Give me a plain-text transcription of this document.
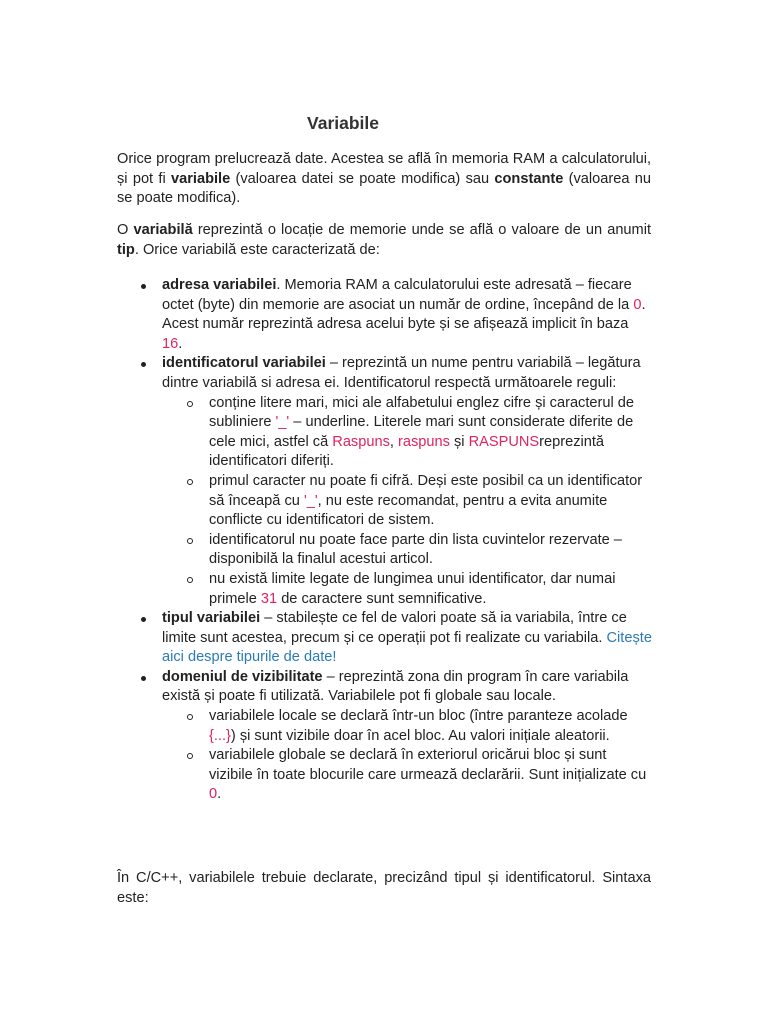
Variabile
Orice program prelucrează date. Acestea se află în memoria RAM a calculatorului, și pot fi variabile (valoarea datei se poate modifica) sau constante (valoarea nu se poate modifica).
O variabilă reprezintă o locație de memorie unde se află o valoare de un anumit tip. Orice variabilă este caracterizată de:
adresa variabilei. Memoria RAM a calculatorului este adresată – fiecare octet (byte) din memorie are asociat un număr de ordine, începând de la 0. Acest număr reprezintă adresa acelui byte și se afișează implicit în baza 16.
identificatorul variabilei – reprezintă un nume pentru variabilă – legătura dintre variabilă si adresa ei. Identificatorul respectă următoarele reguli:
conține litere mari, mici ale alfabetului englez cifre și caracterul de subliniere '_' – underline. Literele mari sunt considerate diferite de cele mici, astfel că Raspuns, raspuns și RASPUNSreprezintă identificatori diferiți.
primul caracter nu poate fi cifră. Deși este posibil ca un identificator să înceapă cu '_', nu este recomandat, pentru a evita anumite conflicte cu identificatori de sistem.
identificatorul nu poate face parte din lista cuvintelor rezervate – disponibilă la finalul acestui articol.
nu există limite legate de lungimea unui identificator, dar numai primele 31 de caractere sunt semnificative.
tipul variabilei – stabilește ce fel de valori poate să ia variabila, între ce limite sunt acestea, precum și ce operații pot fi realizate cu variabila. Citește aici despre tipurile de date!
domeniul de vizibilitate – reprezintă zona din program în care variabila există și poate fi utilizată. Variabilele pot fi globale sau locale.
variabilele locale se declară într-un bloc (între paranteze acolade {...}) și sunt vizibile doar în acel bloc. Au valori inițiale aleatorii.
variabilele globale se declară în exteriorul oricărui bloc și sunt vizibile în toate blocurile care urmează declarării. Sunt inițializate cu 0.
În C/C++, variabilele trebuie declarate, precizând tipul și identificatorul. Sintaxa este:
